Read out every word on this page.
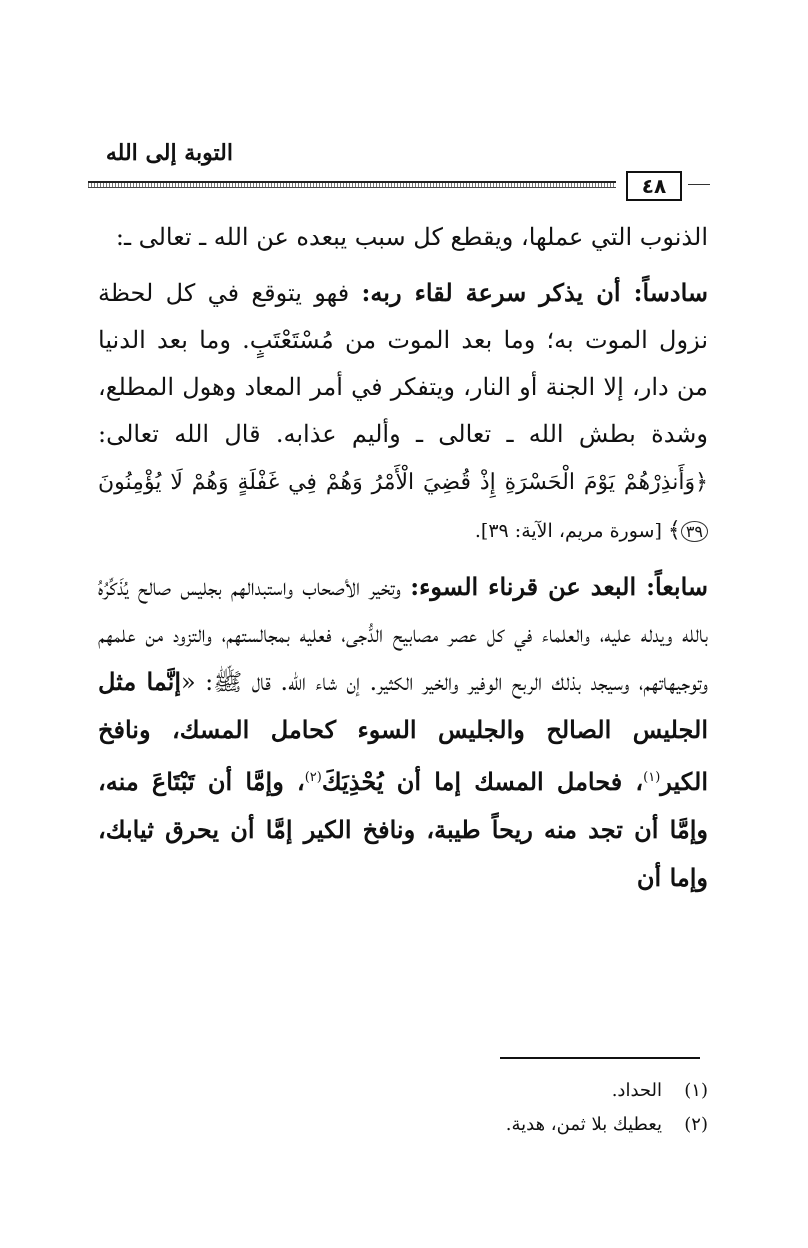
التوبة إلى الله
٤٨

الذنوب التي عملها، ويقطع كل سبب يبعده عن الله ـ تعالى ـ:

سادساً: أن يذكر سرعة لقاء ربه: فهو يتوقع في كل لحظة نزول الموت به؛ وما بعد الموت من مُسْتَعْتَبٍ. وما بعد الدنيا من دار، إلا الجنة أو النار، ويتفكر في أمر المعاد وهول المطلع، وشدة بطش الله ـ تعالى ـ وأليم عذابه. قال الله تعالى: ﴿وَأَنذِرْهُمْ يَوْمَ الْحَسْرَةِ إِذْ قُضِيَ الْأَمْرُ وَهُمْ فِي غَفْلَةٍ وَهُمْ لَا يُؤْمِنُونَ ٣٩﴾ [سورة مريم، الآية: ٣٩].

سابعاً: البعد عن قرناء السوء: وتخير الأصحاب واستبدالهم بجليس صالح يُذَكِّرُهُ بالله ويدله عليه، والعلماء في كل عصر مصابيح الدُّجى، فعليه بمجالستهم، والتزود من علمهم وتوجيهاتهم، وسيجد بذلك الربح الوفير والخير الكثير. إن شاء الله. قال ﷺ: «إنَّما مثل الجليس الصالح والجليس السوء كحامل المسك، ونافخ الكير$^{(١)}$، فحامل المسك إما أن يُحْذِيَكَ$^{(٢)}$، وإمَّا أن تَبْتَاعَ منه، وإمَّا أن تجد منه ريحاً طيبة، ونافخ الكير إمَّا أن يحرق ثيابك، وإما أن

(١)
الحداد.
(٢)
يعطيك بلا ثمن، هدية.
